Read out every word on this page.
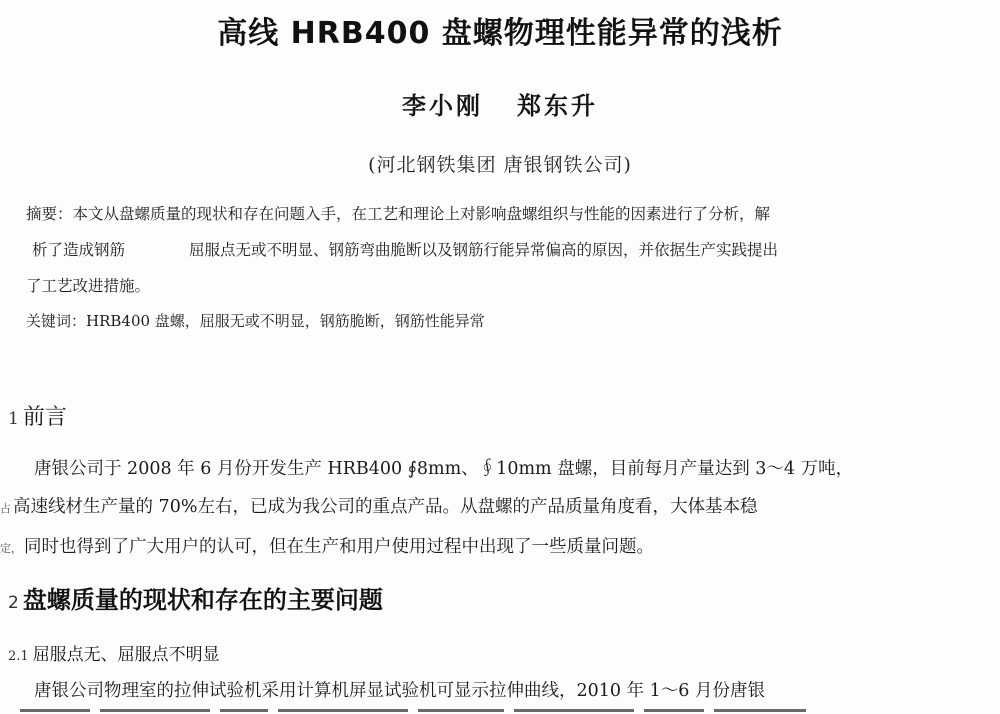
高线 HRB400 盘螺物理性能异常的浅析
李小刚 郑东升
(河北钢铁集团 唐银钢铁公司)
摘要：本文从盘螺质量的现状和存在问题入手，在工艺和理论上对影响盘螺组织与性能的因素进行了分析，解
析了造成钢筋	屈服点无或不明显、钢筋弯曲脆断以及钢筋行能异常偏高的原因，并依据生产实践提出
了工艺改进措施。
关键词：HRB400 盘螺，屈服无或不明显，钢筋脆断，钢筋性能异常
1 前言
唐银公司于 2008 年 6 月份开发生产 HRB400 ∮8mm、∮10mm 盘螺，目前每月产量达到 3～4 万吨，
占 高速线材生产量的 70%左右，已成为我公司的重点产品。从盘螺的产品质量角度看，大体基本稳
定， 同时也得到了广大用户的认可，但在生产和用户使用过程中出现了一些质量问题。
2 盘螺质量的现状和存在的主要问题
2.1 屈服点无、屈服点不明显
唐银公司物理室的拉伸试验机采用计算机屏显试验机可显示拉伸曲线，2010 年 1～6 月份唐银
